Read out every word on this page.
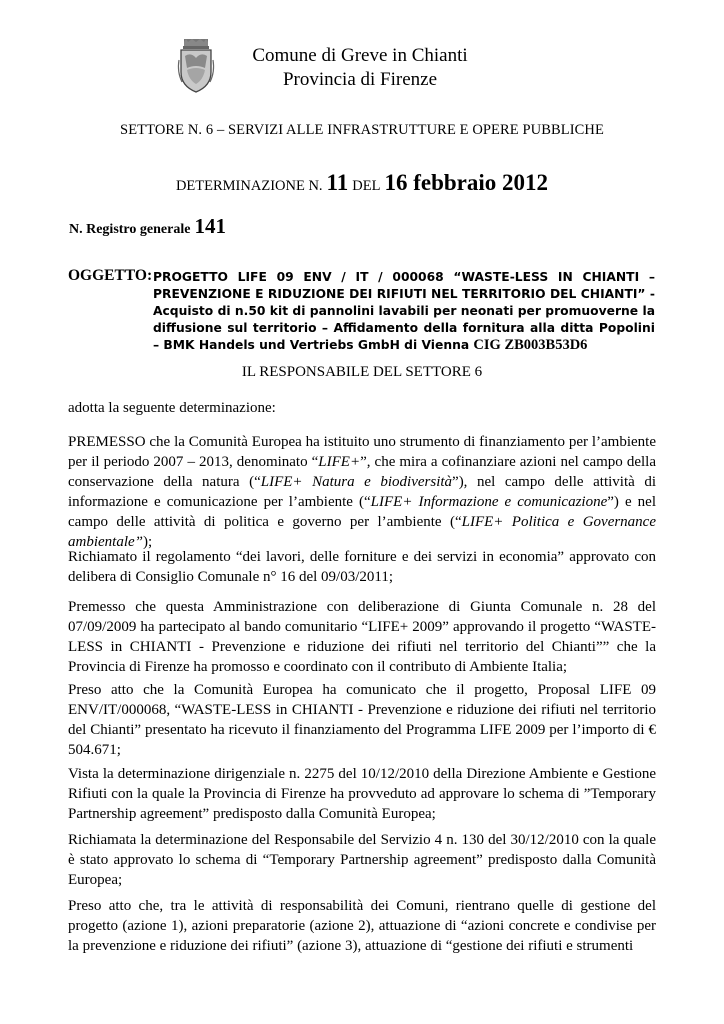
Comune di Greve in Chianti
Provincia di Firenze
SETTORE N. 6 – SERVIZI ALLE INFRASTRUTTURE E OPERE PUBBLICHE
DETERMINAZIONE N. 11 DEL 16 febbraio 2012
N. Registro generale 141
OGGETTO: PROGETTO LIFE 09 ENV / IT / 000068 “WASTE-LESS IN CHIANTI – PREVENZIONE E RIDUZIONE DEI RIFIUTI NEL TERRITORIO DEL CHIANTI” - Acquisto di n.50 kit di pannolini lavabili per neonati per promuoverne la diffusione sul territorio – Affidamento della fornitura alla ditta Popolini – BMK Handels und Vertriebs GmbH di Vienna CIG ZB003B53D6
IL RESPONSABILE DEL SETTORE 6
adotta la seguente determinazione:
PREMESSO che la Comunità Europea ha istituito uno strumento di finanziamento per l’ambiente per il periodo 2007 – 2013, denominato “LIFE+”, che mira a cofinanziare azioni nel campo della conservazione della natura (“LIFE+ Natura e biodiversità”), nel campo delle attività di informazione e comunicazione per l’ambiente (“LIFE+ Informazione e comunicazione”) e nel campo delle attività di politica e governo per l’ambiente (“LIFE+ Politica e Governance ambientale”);
Richiamato il regolamento “dei lavori, delle forniture e dei servizi in economia” approvato con delibera di Consiglio Comunale n° 16 del 09/03/2011;
Premesso che questa Amministrazione con deliberazione di Giunta Comunale n. 28 del 07/09/2009 ha partecipato al bando comunitario “LIFE+ 2009” approvando il progetto “WASTE-LESS in CHIANTI - Prevenzione e riduzione dei rifiuti nel territorio del Chianti”” che la Provincia di Firenze ha promosso e coordinato con il contributo di Ambiente Italia;
Preso atto che la Comunità Europea ha comunicato che il progetto, Proposal LIFE 09 ENV/IT/000068, “WASTE-LESS in CHIANTI - Prevenzione e riduzione dei rifiuti nel territorio del Chianti” presentato ha ricevuto il finanziamento del Programma LIFE 2009 per l’importo di € 504.671;
Vista la determinazione dirigenziale n. 2275 del 10/12/2010 della Direzione Ambiente e Gestione Rifiuti con la quale la Provincia di Firenze ha provveduto ad approvare lo schema di ”Temporary Partnership agreement” predisposto dalla Comunità Europea;
Richiamata la determinazione del Responsabile del Servizio 4 n. 130 del 30/12/2010 con la quale è stato approvato lo schema di “Temporary Partnership agreement” predisposto dalla Comunità Europea;
Preso atto che, tra le attività di responsabilità dei Comuni, rientrano quelle di gestione del progetto (azione 1), azioni preparatorie (azione 2), attuazione di “azioni concrete e condivise per la prevenzione e riduzione dei rifiuti” (azione 3), attuazione di “gestione dei rifiuti e strumenti
